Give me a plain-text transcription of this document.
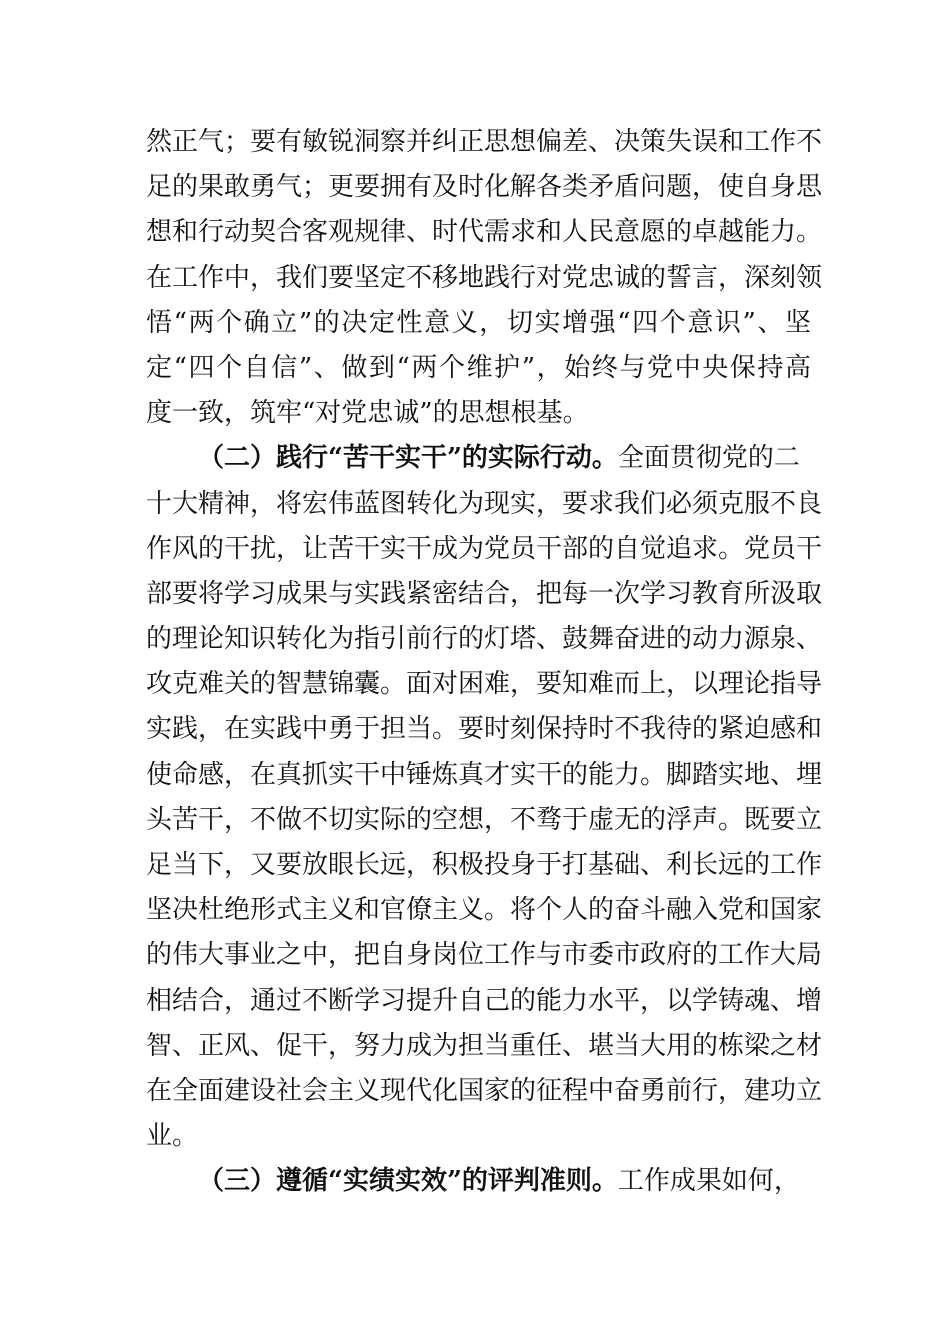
然正气；要有敏锐洞察并纠正思想偏差、决策失误和工作不
足的果敢勇气；更要拥有及时化解各类矛盾问题，使自身思
想和行动契合客观规律、时代需求和人民意愿的卓越能力。
在工作中，我们要坚定不移地践行对党忠诚的誓言，深刻领
悟“两个确立”的决定性意义，切实增强“四个意识”、坚
定“四个自信”、做到“两个维护”，始终与党中央保持高
度一致，筑牢“对党忠诚”的思想根基。
（二）践行“苦干实干”的实际行动。全面贯彻党的二
十大精神，将宏伟蓝图转化为现实，要求我们必须克服不良
作风的干扰，让苦干实干成为党员干部的自觉追求。党员干
部要将学习成果与实践紧密结合，把每一次学习教育所汲取
的理论知识转化为指引前行的灯塔、鼓舞奋进的动力源泉、
攻克难关的智慧锦囊。面对困难，要知难而上，以理论指导
实践，在实践中勇于担当。要时刻保持时不我待的紧迫感和
使命感，在真抓实干中锤炼真才实干的能力。脚踏实地、埋
头苦干，不做不切实际的空想，不骛于虚无的浮声。既要立
足当下，又要放眼长远，积极投身于打基础、利长远的工作
坚决杜绝形式主义和官僚主义。将个人的奋斗融入党和国家
的伟大事业之中，把自身岗位工作与市委市政府的工作大局
相结合，通过不断学习提升自己的能力水平，以学铸魂、增
智、正风、促干，努力成为担当重任、堪当大用的栋梁之材
在全面建设社会主义现代化国家的征程中奋勇前行，建功立
业。
（三）遵循“实绩实效”的评判准则。工作成果如何，
